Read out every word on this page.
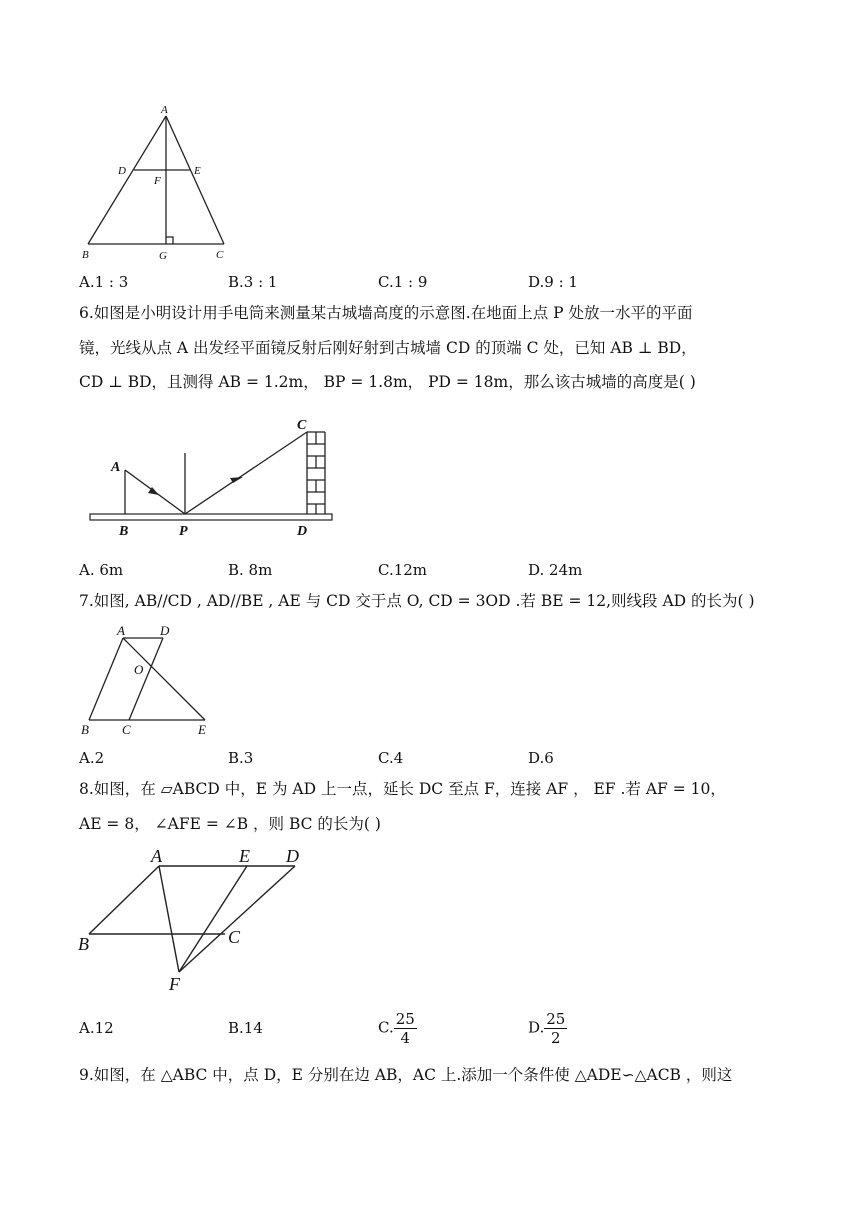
A
D	E
F
B	G	C
A.1 : 3	B.3 : 1	C.1 : 9	D.9 : 1
6.如图是小明设计用手电筒来测量某古城墙高度的示意图.在地面上点 P 处放一水平的平面
镜，光线从点 A 出发经平面镜反射后刚好射到古城墙 CD 的顶端 C 处，已知 AB ⊥ BD，
CD ⊥ BD，且测得 AB = 1.2m， BP = 1.8m， PD = 18m，那么该古城墙的高度是( )
A
B	P
C
D
A. 6m	B. 8m	C.12m	D. 24m
7.如图, AB//CD , AD//BE , AE 与 CD 交于点 O, CD = 3OD .若 BE = 12,则线段 AD 的长为( )
A	D
O
B	C	E
A.2	B.3	C.4	D.6
8.如图，在 ▱ABCD 中，E 为 AD 上一点，延长 DC 至点 F，连接 AF ， EF .若 AF = 10，
AE = 8， ∠AFE = ∠B ，则 BC 的长为( )
A	E D
B	C
F
A.12	B.14	C. $\frac{25}{4}$	D. $\frac{25}{2}$
9.如图，在 △ABC 中，点 D，E 分别在边 AB，AC 上.添加一个条件使 △ADE∽△ACB ，则这
